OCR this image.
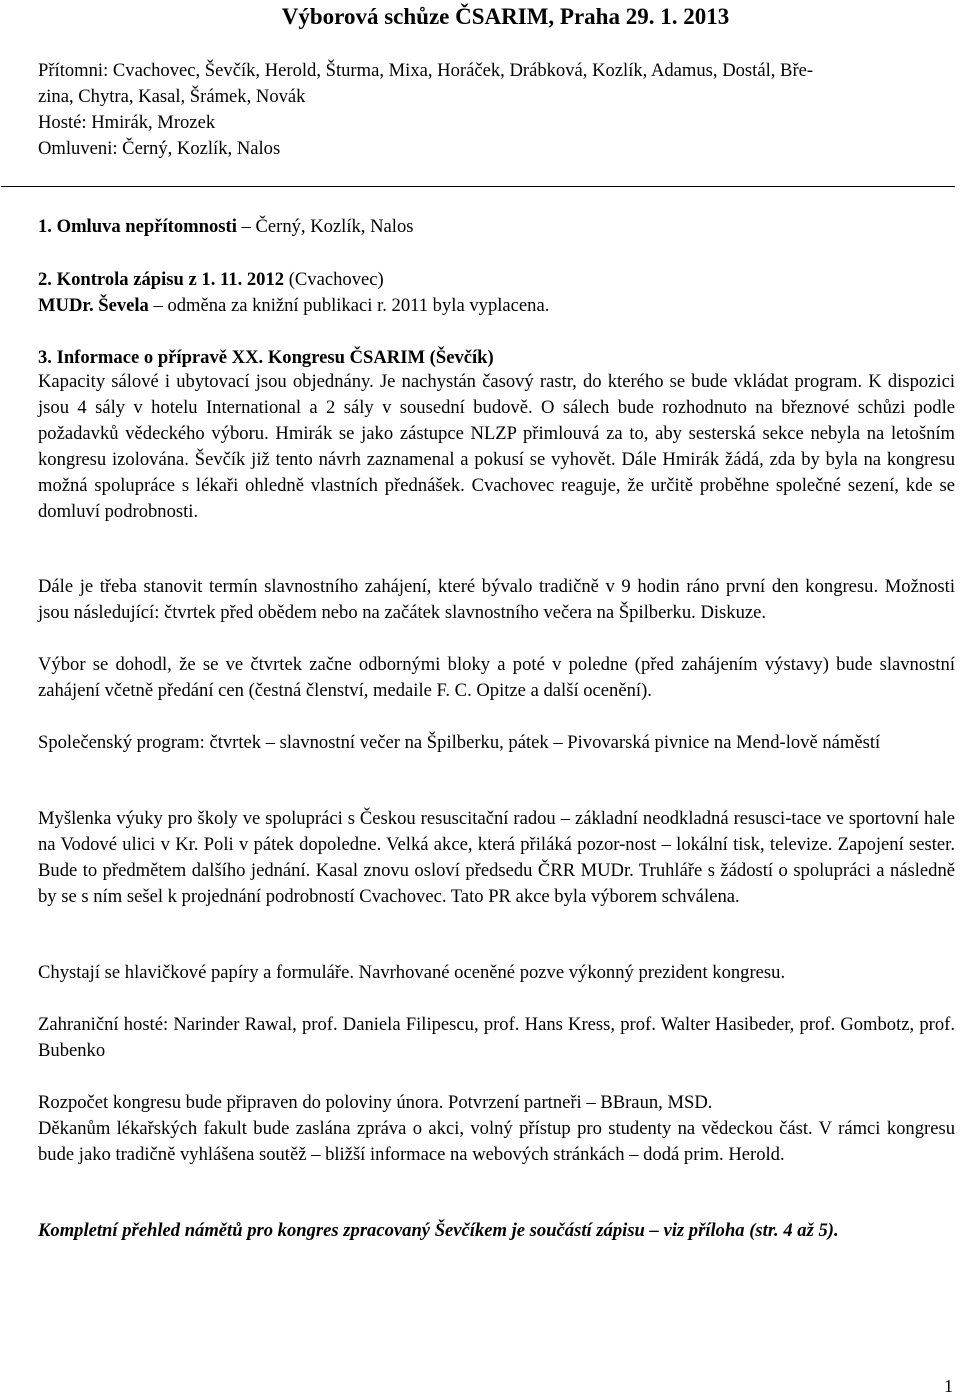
Výborová schůze ČSARIM, Praha 29. 1. 2013
Přítomni: Cvachovec, Ševčík, Herold, Šturma, Mixa, Horáček, Drábková, Kozlík, Adamus, Dostál, Bře-
zina, Chytra, Kasal, Šrámek, Novák
Hosté: Hmirák, Mrozek
Omluveni: Černý, Kozlík, Nalos
1. Omluva nepřítomnosti – Černý, Kozlík, Nalos
2. Kontrola zápisu z 1. 11. 2012 (Cvachovec)
MUDr. Ševela – odměna za knižní publikaci r. 2011 byla vyplacena.
3. Informace o přípravě XX. Kongresu ČSARIM (Ševčík)

Kapacity sálové i ubytovací jsou objednány. Je nachystán časový rastr, do kterého se bude vkládat program. K dispozici jsou 4 sály v hotelu International a 2 sály v sousední budově. O sálech bude rozhodnuto na březnové schůzi podle požadavků vědeckého výboru. Hmirák se jako zástupce NLZP přimlouvá za to, aby sesterská sekce nebyla na letošním kongresu izolována. Ševčík již tento návrh zaznamenal a pokusí se vyhovět. Dále Hmirák žádá, zda by byla na kongresu možná spolupráce s lékaři ohledně vlastních přednášek. Cvachovec reaguje, že určitě proběhne společné sezení, kde se domluví podrobnosti.

Dále je třeba stanovit termín slavnostního zahájení, které bývalo tradičně v 9 hodin ráno první den kongresu. Možnosti jsou následující: čtvrtek před obědem nebo na začátek slavnostního večera na Špilberku. Diskuze.

Výbor se dohodl, že se ve čtvrtek začne odbornými bloky a poté v poledne (před zahájením výstavy) bude slavnostní zahájení včetně předání cen (čestná členství, medaile F. C. Opitze a další ocenění).

Společenský program: čtvrtek – slavnostní večer na Špilberku, pátek – Pivovarská pivnice na Mend-lově náměstí

Myšlenka výuky pro školy ve spolupráci s Českou resuscitační radou – základní neodkladná resusci-tace ve sportovní hale na Vodové ulici v Kr. Poli v pátek dopoledne. Velká akce, která přiláká pozor-nost – lokální tisk, televize. Zapojení sester. Bude to předmětem dalšího jednání. Kasal znovu osloví předsedu ČRR MUDr. Truhláře s žádostí o spolupráci a následně by se s ním sešel k projednání podrobností Cvachovec. Tato PR akce byla výborem schválena.

Chystají se hlavičkové papíry a formuláře. Navrhované oceněné pozve výkonný prezident kongresu.

Zahraniční hosté: Narinder Rawal, prof. Daniela Filipescu, prof. Hans Kress, prof. Walter Hasibeder, prof. Gombotz, prof. Bubenko

Rozpočet kongresu bude připraven do poloviny února. Potvrzení partneři – BBraun, MSD.

Děkanům lékařských fakult bude zaslána zpráva o akci, volný přístup pro studenty na vědeckou část. V rámci kongresu bude jako tradičně vyhlášena soutěž – bližší informace na webových stránkách – dodá prim. Herold.

Kompletní přehled námětů pro kongres zpracovaný Ševčíkem je součástí zápisu – viz příloha (str. 4 až 5).

1
